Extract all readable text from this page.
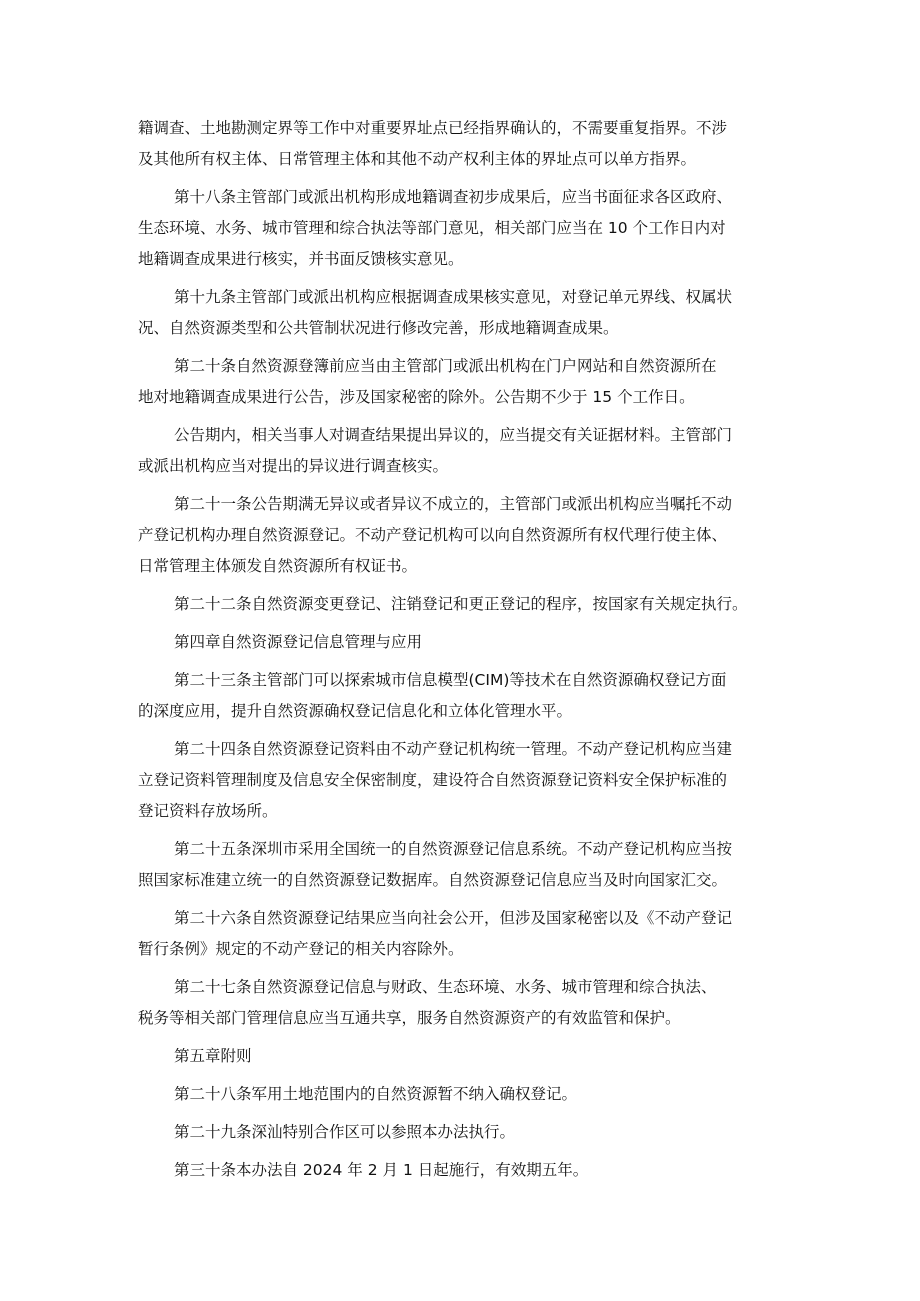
籍调查、土地勘测定界等工作中对重要界址点已经指界确认的，不需要重复指界。不涉
及其他所有权主体、日常管理主体和其他不动产权利主体的界址点可以单方指界。
第十八条主管部门或派出机构形成地籍调查初步成果后，应当书面征求各区政府、
生态环境、水务、城市管理和综合执法等部门意见，相关部门应当在 10 个工作日内对
地籍调查成果进行核实，并书面反馈核实意见。
第十九条主管部门或派出机构应根据调查成果核实意见，对登记单元界线、权属状
况、自然资源类型和公共管制状况进行修改完善，形成地籍调查成果。
第二十条自然资源登簿前应当由主管部门或派出机构在门户网站和自然资源所在
地对地籍调查成果进行公告，涉及国家秘密的除外。公告期不少于 15 个工作日。
公告期内，相关当事人对调查结果提出异议的，应当提交有关证据材料。主管部门
或派出机构应当对提出的异议进行调查核实。
第二十一条公告期满无异议或者异议不成立的，主管部门或派出机构应当嘱托不动
产登记机构办理自然资源登记。不动产登记机构可以向自然资源所有权代理行使主体、
日常管理主体颁发自然资源所有权证书。
第二十二条自然资源变更登记、注销登记和更正登记的程序，按国家有关规定执行。
第四章自然资源登记信息管理与应用
第二十三条主管部门可以探索城市信息模型(CIM)等技术在自然资源确权登记方面
的深度应用，提升自然资源确权登记信息化和立体化管理水平。
第二十四条自然资源登记资料由不动产登记机构统一管理。不动产登记机构应当建
立登记资料管理制度及信息安全保密制度，建设符合自然资源登记资料安全保护标准的
登记资料存放场所。
第二十五条深圳市采用全国统一的自然资源登记信息系统。不动产登记机构应当按
照国家标准建立统一的自然资源登记数据库。自然资源登记信息应当及时向国家汇交。
第二十六条自然资源登记结果应当向社会公开，但涉及国家秘密以及《不动产登记
暂行条例》规定的不动产登记的相关内容除外。
第二十七条自然资源登记信息与财政、生态环境、水务、城市管理和综合执法、
税务等相关部门管理信息应当互通共享，服务自然资源资产的有效监管和保护。
第五章附则
第二十八条军用土地范围内的自然资源暂不纳入确权登记。
第二十九条深汕特别合作区可以参照本办法执行。
第三十条本办法自 2024 年 2 月 1 日起施行，有效期五年。
